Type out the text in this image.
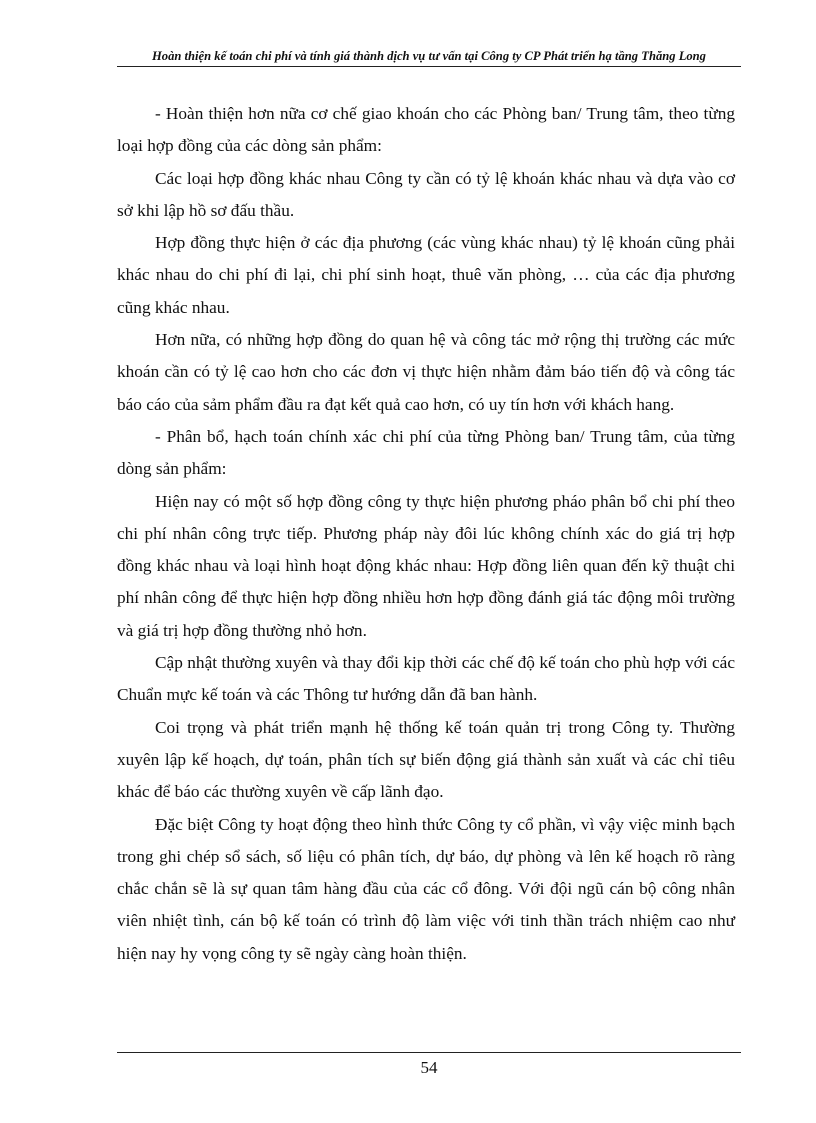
Hoàn thiện kế toán chi phí và tính giá thành dịch vụ tư vấn tại Công ty CP Phát triển hạ tầng Thăng Long

- Hoàn thiện hơn nữa cơ chế giao khoán cho các Phòng ban/ Trung tâm, theo từng loại hợp đồng của các dòng sản phẩm:

Các loại hợp đồng khác nhau Công ty cần có tỷ lệ khoán khác nhau và dựa vào cơ sở khi lập hồ sơ đấu thầu.

Hợp đồng thực hiện ở các địa phương (các vùng khác nhau) tỷ lệ khoán cũng phải khác nhau do chi phí đi lại, chi phí sinh hoạt, thuê văn phòng, … của các địa phương cũng khác nhau.

Hơn nữa, có những hợp đồng do quan hệ và công tác mở rộng thị trường các mức khoán cần có tỷ lệ cao hơn cho các đơn vị thực hiện nhằm đảm báo tiến độ và công tác báo cáo của sảm phẩm đầu ra đạt kết quả cao hơn, có uy tín hơn với khách hang.

- Phân bổ, hạch toán chính xác chi phí của từng Phòng ban/ Trung tâm, của từng dòng sản phẩm:

Hiện nay có một số hợp đồng công ty thực hiện phương pháo phân bổ chi phí theo chi phí nhân công trực tiếp. Phương pháp này đôi lúc không chính xác do giá trị hợp đồng khác nhau và loại hình hoạt động khác nhau: Hợp đồng liên quan đến kỹ thuật chi phí nhân công để thực hiện hợp đồng nhiều hơn hợp đồng đánh giá tác động môi trường và giá trị hợp đồng thường nhỏ hơn.

Cập nhật thường xuyên và thay đổi kịp thời các chế độ kế toán cho phù hợp với các Chuẩn mực kế toán và các Thông tư hướng dẫn đã ban hành.

Coi trọng và phát triển mạnh hệ thống kế toán quản trị trong Công ty. Thường xuyên lập kế hoạch, dự toán, phân tích sự biến động giá thành sản xuất và các chỉ tiêu khác để báo các thường xuyên về cấp lãnh đạo.

Đặc biệt Công ty hoạt động theo hình thức Công ty cổ phần, vì vậy việc minh bạch trong ghi chép sổ sách, số liệu có phân tích, dự báo, dự phòng và lên kế hoạch rõ ràng chắc chắn sẽ là sự quan tâm hàng đầu của các cổ đông. Với đội ngũ cán bộ công nhân viên nhiệt tình, cán bộ kế toán có trình độ làm việc với tinh thần trách nhiệm cao như hiện nay hy vọng công ty sẽ ngày càng hoàn thiện.

54
